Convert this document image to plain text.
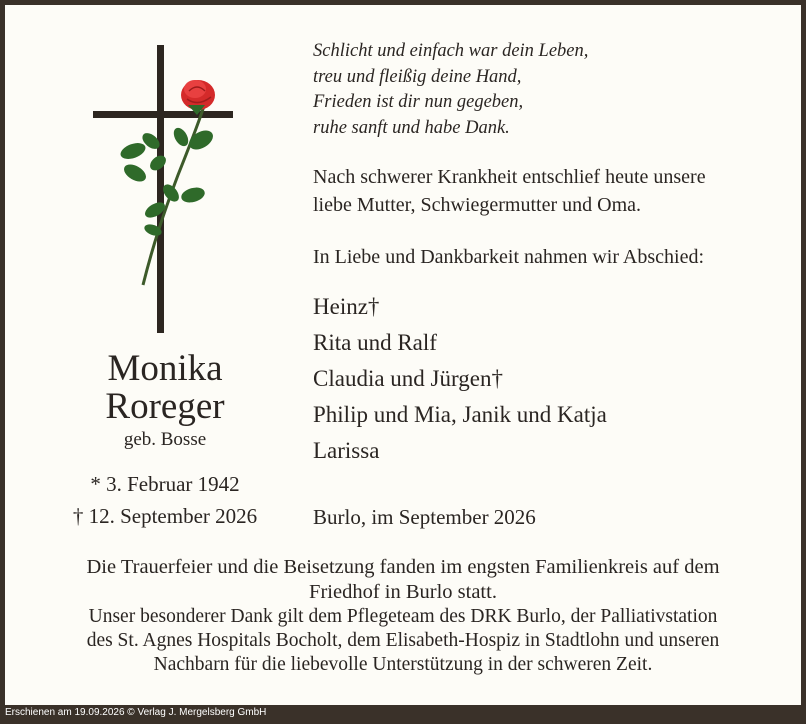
Monika
Roreger
geb. Bosse
* 3. Februar 1942
† 12. September 2026
Schlicht und einfach war dein Leben,
treu und fleißig deine Hand,
Frieden ist dir nun gegeben,
ruhe sanft und habe Dank.
Nach schwerer Krankheit entschlief heute unsere
liebe Mutter, Schwiegermutter und Oma.
In Liebe und Dankbarkeit nahmen wir Abschied:
Heinz†
Rita und Ralf
Claudia und Jürgen†
Philip und Mia, Janik und Katja
Larissa
Burlo, im September 2026
Die Trauerfeier und die Beisetzung fanden im engsten Familienkreis auf dem
Friedhof in Burlo statt.
Unser besonderer Dank gilt dem Pflegeteam des DRK Burlo, der Palliativstation
des St. Agnes Hospitals Bocholt, dem Elisabeth-Hospiz in Stadtlohn und unseren
Nachbarn für die liebevolle Unterstützung in der schweren Zeit.
Erschienen am 19.09.2026 © Verlag J. Mergelsberg GmbH
